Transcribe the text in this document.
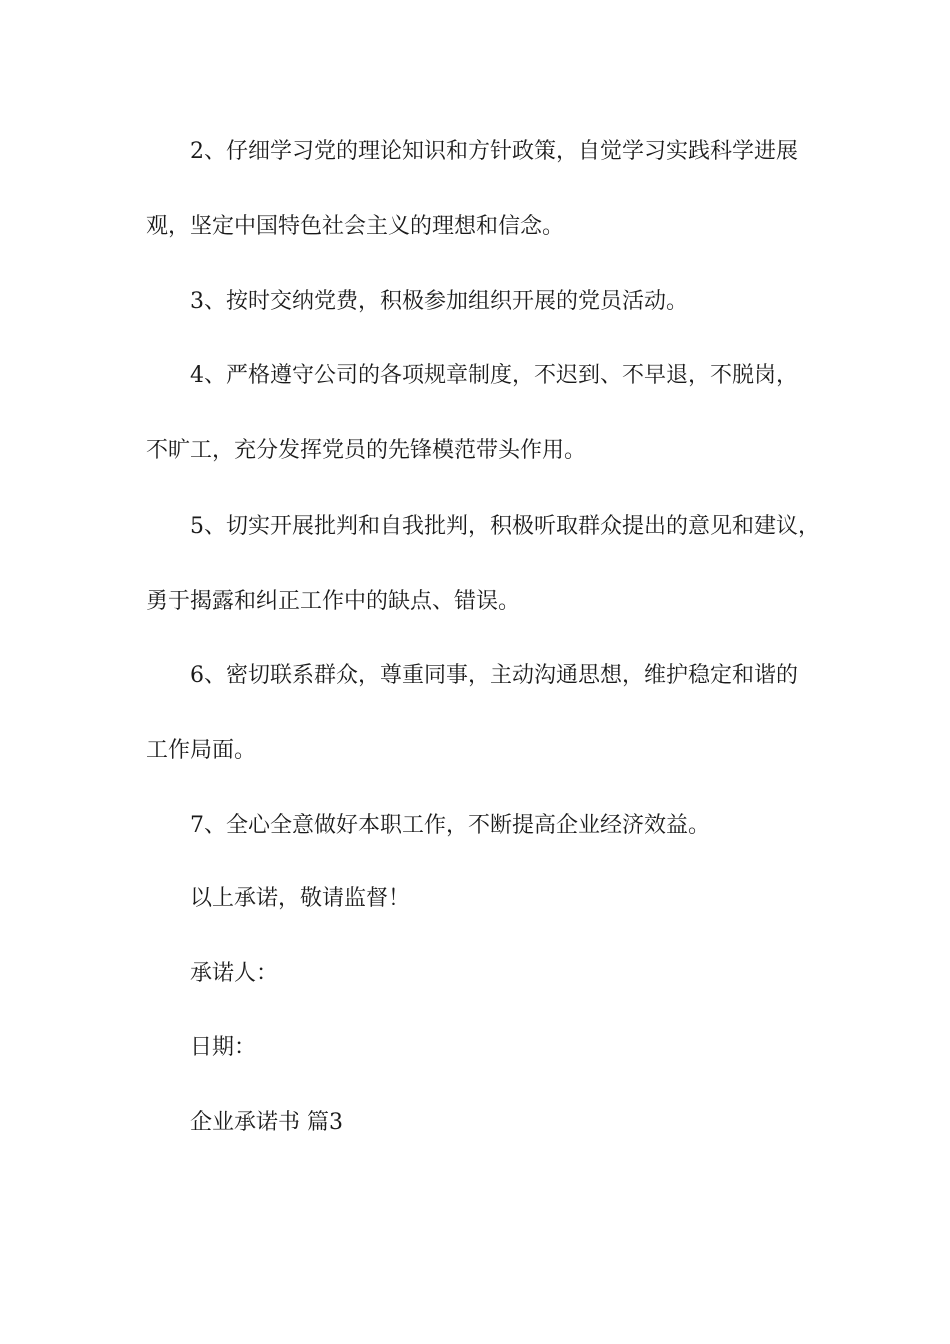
2、仔细学习党的理论知识和方针政策，自觉学习实践科学进展
观，坚定中国特色社会主义的理想和信念。
3、按时交纳党费，积极参加组织开展的党员活动。
4、严格遵守公司的各项规章制度，不迟到、不早退，不脱岗，
不旷工，充分发挥党员的先锋模范带头作用。
5、切实开展批判和自我批判，积极听取群众提出的意见和建议，
勇于揭露和纠正工作中的缺点、错误。
6、密切联系群众，尊重同事，主动沟通思想，维护稳定和谐的
工作局面。
7、全心全意做好本职工作，不断提高企业经济效益。
以上承诺，敬请监督！
承诺人：
日期：
企业承诺书 篇3
